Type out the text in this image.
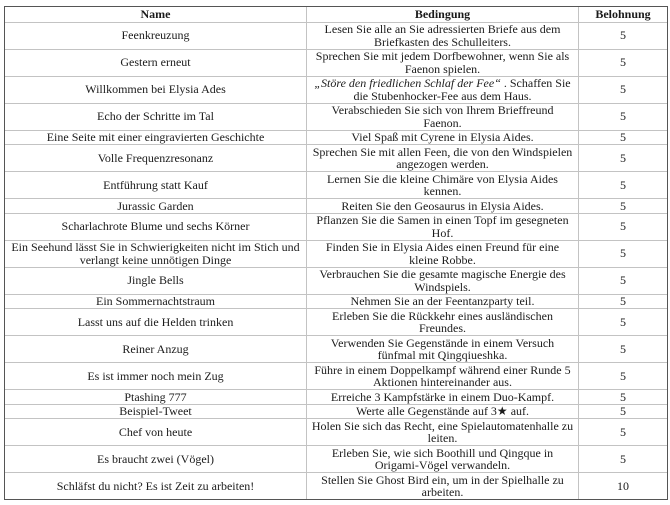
Name	Bedingung	Belohnung
Feenkreuzung	Lesen Sie alle an Sie adressierten Briefe aus dem Briefkasten des Schulleiters.	5
Gestern erneut	Sprechen Sie mit jedem Dorfbewohner, wenn Sie als Faenon spielen.	5
Willkommen bei Elysia Ades	„Störe den friedlichen Schlaf der Fee“ . Schaffen Sie die Stubenhocker-Fee aus dem Haus.	5
Echo der Schritte im Tal	Verabschieden Sie sich von Ihrem Brieffreund Faenon.	5
Eine Seite mit einer eingravierten Geschichte	Viel Spaß mit Cyrene in Elysia Aides.	5
Volle Frequenzresonanz	Sprechen Sie mit allen Feen, die von den Windspielen angezogen werden.	5
Entführung statt Kauf	Lernen Sie die kleine Chimäre von Elysia Aides kennen.	5
Jurassic Garden	Reiten Sie den Geosaurus in Elysia Aides.	5
Scharlachrote Blume und sechs Körner	Pflanzen Sie die Samen in einen Topf im gesegneten Hof.	5
Ein Seehund lässt Sie in Schwierigkeiten nicht im Stich und verlangt keine unnötigen Dinge	Finden Sie in Elysia Aides einen Freund für eine kleine Robbe.	5
Jingle Bells	Verbrauchen Sie die gesamte magische Energie des Windspiels.	5
Ein Sommernachtstraum	Nehmen Sie an der Feentanzparty teil.	5
Lasst uns auf die Helden trinken	Erleben Sie die Rückkehr eines ausländischen Freundes.	5
Reiner Anzug	Verwenden Sie Gegenstände in einem Versuch fünfmal mit Qingqiueshka.	5
Es ist immer noch mein Zug	Führe in einem Doppelkampf während einer Runde 5 Aktionen hintereinander aus.	5
Ptashing 777	Erreiche 3 Kampfstärke in einem Duo-Kampf.	5
Beispiel-Tweet	Werte alle Gegenstände auf 3★ auf.	5
Chef von heute	Holen Sie sich das Recht, eine Spielautomatenhalle zu leiten.	5
Es braucht zwei (Vögel)	Erleben Sie, wie sich Boothill und Qingque in Origami-Vögel verwandeln.	5
Schläfst du nicht? Es ist Zeit zu arbeiten!	Stellen Sie Ghost Bird ein, um in der Spielhalle zu arbeiten.	10
